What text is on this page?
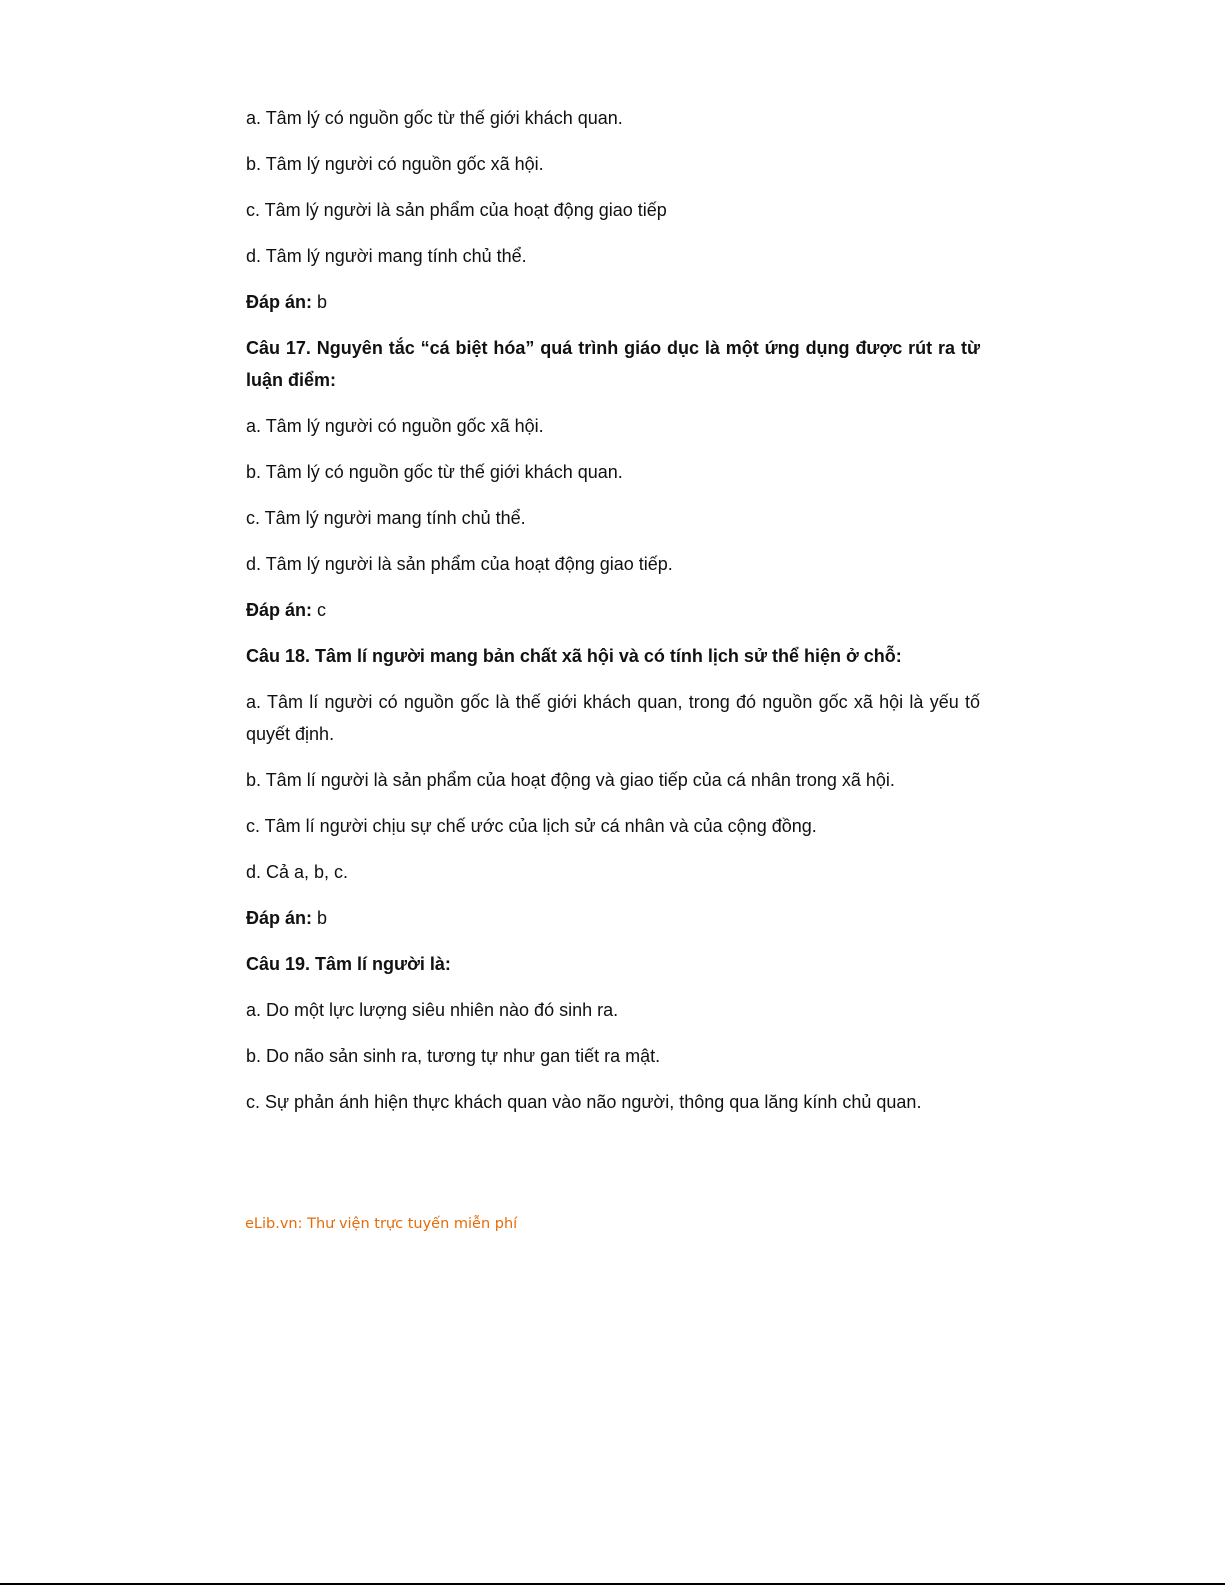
a. Tâm lý có nguồn gốc từ thế giới khách quan.

b. Tâm lý người có nguồn gốc xã hội.

c. Tâm lý người là sản phẩm của hoạt động giao tiếp

d. Tâm lý người mang tính chủ thể.

Đáp án: b

Câu 17. Nguyên tắc “cá biệt hóa” quá trình giáo dục là một ứng dụng được rút ra từ luận điểm:

a. Tâm lý người có nguồn gốc xã hội.

b. Tâm lý có nguồn gốc từ thế giới khách quan.

c. Tâm lý người mang tính chủ thể.

d. Tâm lý người là sản phẩm của hoạt động giao tiếp.

Đáp án: c

Câu 18. Tâm lí người mang bản chất xã hội và có tính lịch sử thể hiện ở chỗ:

a. Tâm lí người có nguồn gốc là thế giới khách quan, trong đó nguồn gốc xã hội là yếu tố quyết định.

b. Tâm lí người là sản phẩm của hoạt động và giao tiếp của cá nhân trong xã hội.

c. Tâm lí người chịu sự chế ước của lịch sử cá nhân và của cộng đồng.

d. Cả a, b, c.

Đáp án: b

Câu 19. Tâm lí người là:

a. Do một lực lượng siêu nhiên nào đó sinh ra.

b. Do não sản sinh ra, tương tự như gan tiết ra mật.

c. Sự phản ánh hiện thực khách quan vào não người, thông qua lăng kính chủ quan.

eLib.vn: Thư viện trực tuyến miễn phí
